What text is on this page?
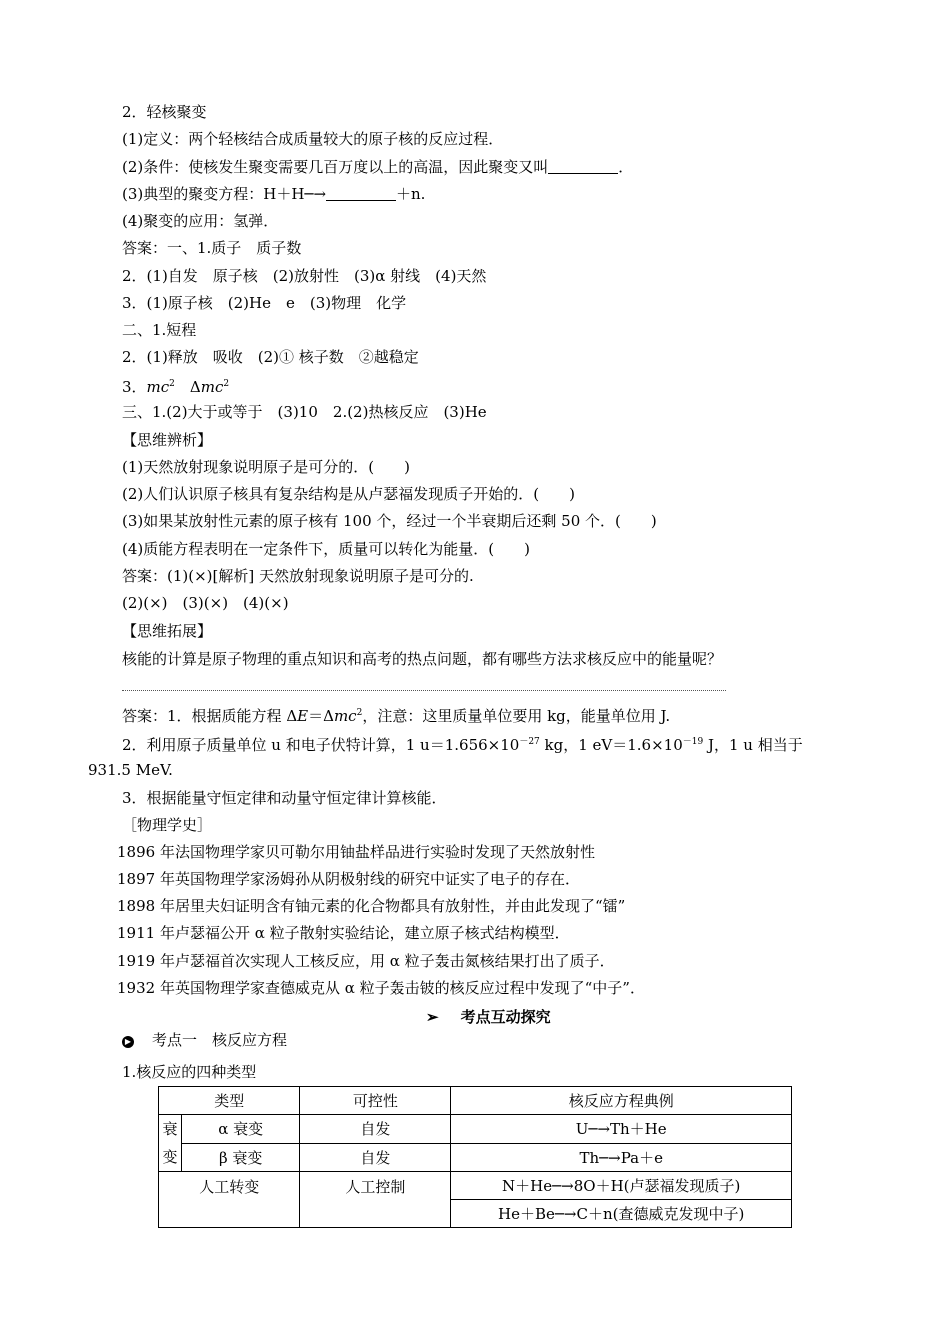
2．轻核聚变
(1)定义：两个轻核结合成质量较大的原子核的反应过程．
(2)条件：使核发生聚变需要几百万度以上的高温，因此聚变又叫	．
(3)典型的聚变方程：H＋H─→	＋n.
(4)聚变的应用：氢弹．
答案：一、1.质子　质子数
2．(1)自发　原子核　(2)放射性　(3)α 射线　(4)天然
3．(1)原子核　(2)He　e　(3)物理　化学
二、1.短程
2．(1)释放　吸收　(2)① 核子数　②越稳定
3．$mc^2$　Δmc$^2$
三、1.(2)大于或等于　(3)10　2.(2)热核反应　(3)He
【思维辨析】
(1)天然放射现象说明原子是可分的．(　　)
(2)人们认识原子核具有复杂结构是从卢瑟福发现质子开始的．(　　)
(3)如果某放射性元素的原子核有 100 个，经过一个半衰期后还剩 50 个．(　　)
(4)质能方程表明在一定条件下，质量可以转化为能量．(　　)
答案：(1)(×)[解析] 天然放射现象说明原子是可分的.
(2)(×)　(3)(×)　(4)(×)
【思维拓展】
核能的计算是原子物理的重点知识和高考的热点问题，都有哪些方法求核反应中的能量呢？
答案：1．根据质能方程 ΔE＝Δmc$^2$，注意：这里质量单位要用 kg，能量单位用 J.
2．利用原子质量单位 u 和电子伏特计算，1 $u=1.656\times 10^{-27}$ kg，1 $eV=1.6\times 10^{-19}$ J，1 u 相当于
931.5 MeV.
3．根据能量守恒定律和动量守恒定律计算核能．
［物理学史］
1896 年法国物理学家贝可勒尔用铀盐样品进行实验时发现了天然放射性
1897 年英国物理学家汤姆孙从阴极射线的研究中证实了电子的存在．
1898 年居里夫妇证明含有铀元素的化合物都具有放射性，并由此发现了“镭”
1911 年卢瑟福公开 α 粒子散射实验结论，建立原子核式结构模型．
1919 年卢瑟福首次实现人工核反应，用 α 粒子轰击氮核结果打出了质子．
1932 年英国物理学家查德威克从 α 粒子轰击铍的核反应过程中发现了“中子”．
➢ 考点互动探究
▶ 考点一　核反应方程
1.核反应的四种类型
类型		可控性	核反应方程典例
衰
变	α 衰变	自发	U─→Th＋He
	β 衰变	自发	Th─→Pa＋e
人工转变		人工控制	N＋He─→8O＋H(卢瑟福发现质子)
			He＋Be─→C＋n(查德威克发现中子)
